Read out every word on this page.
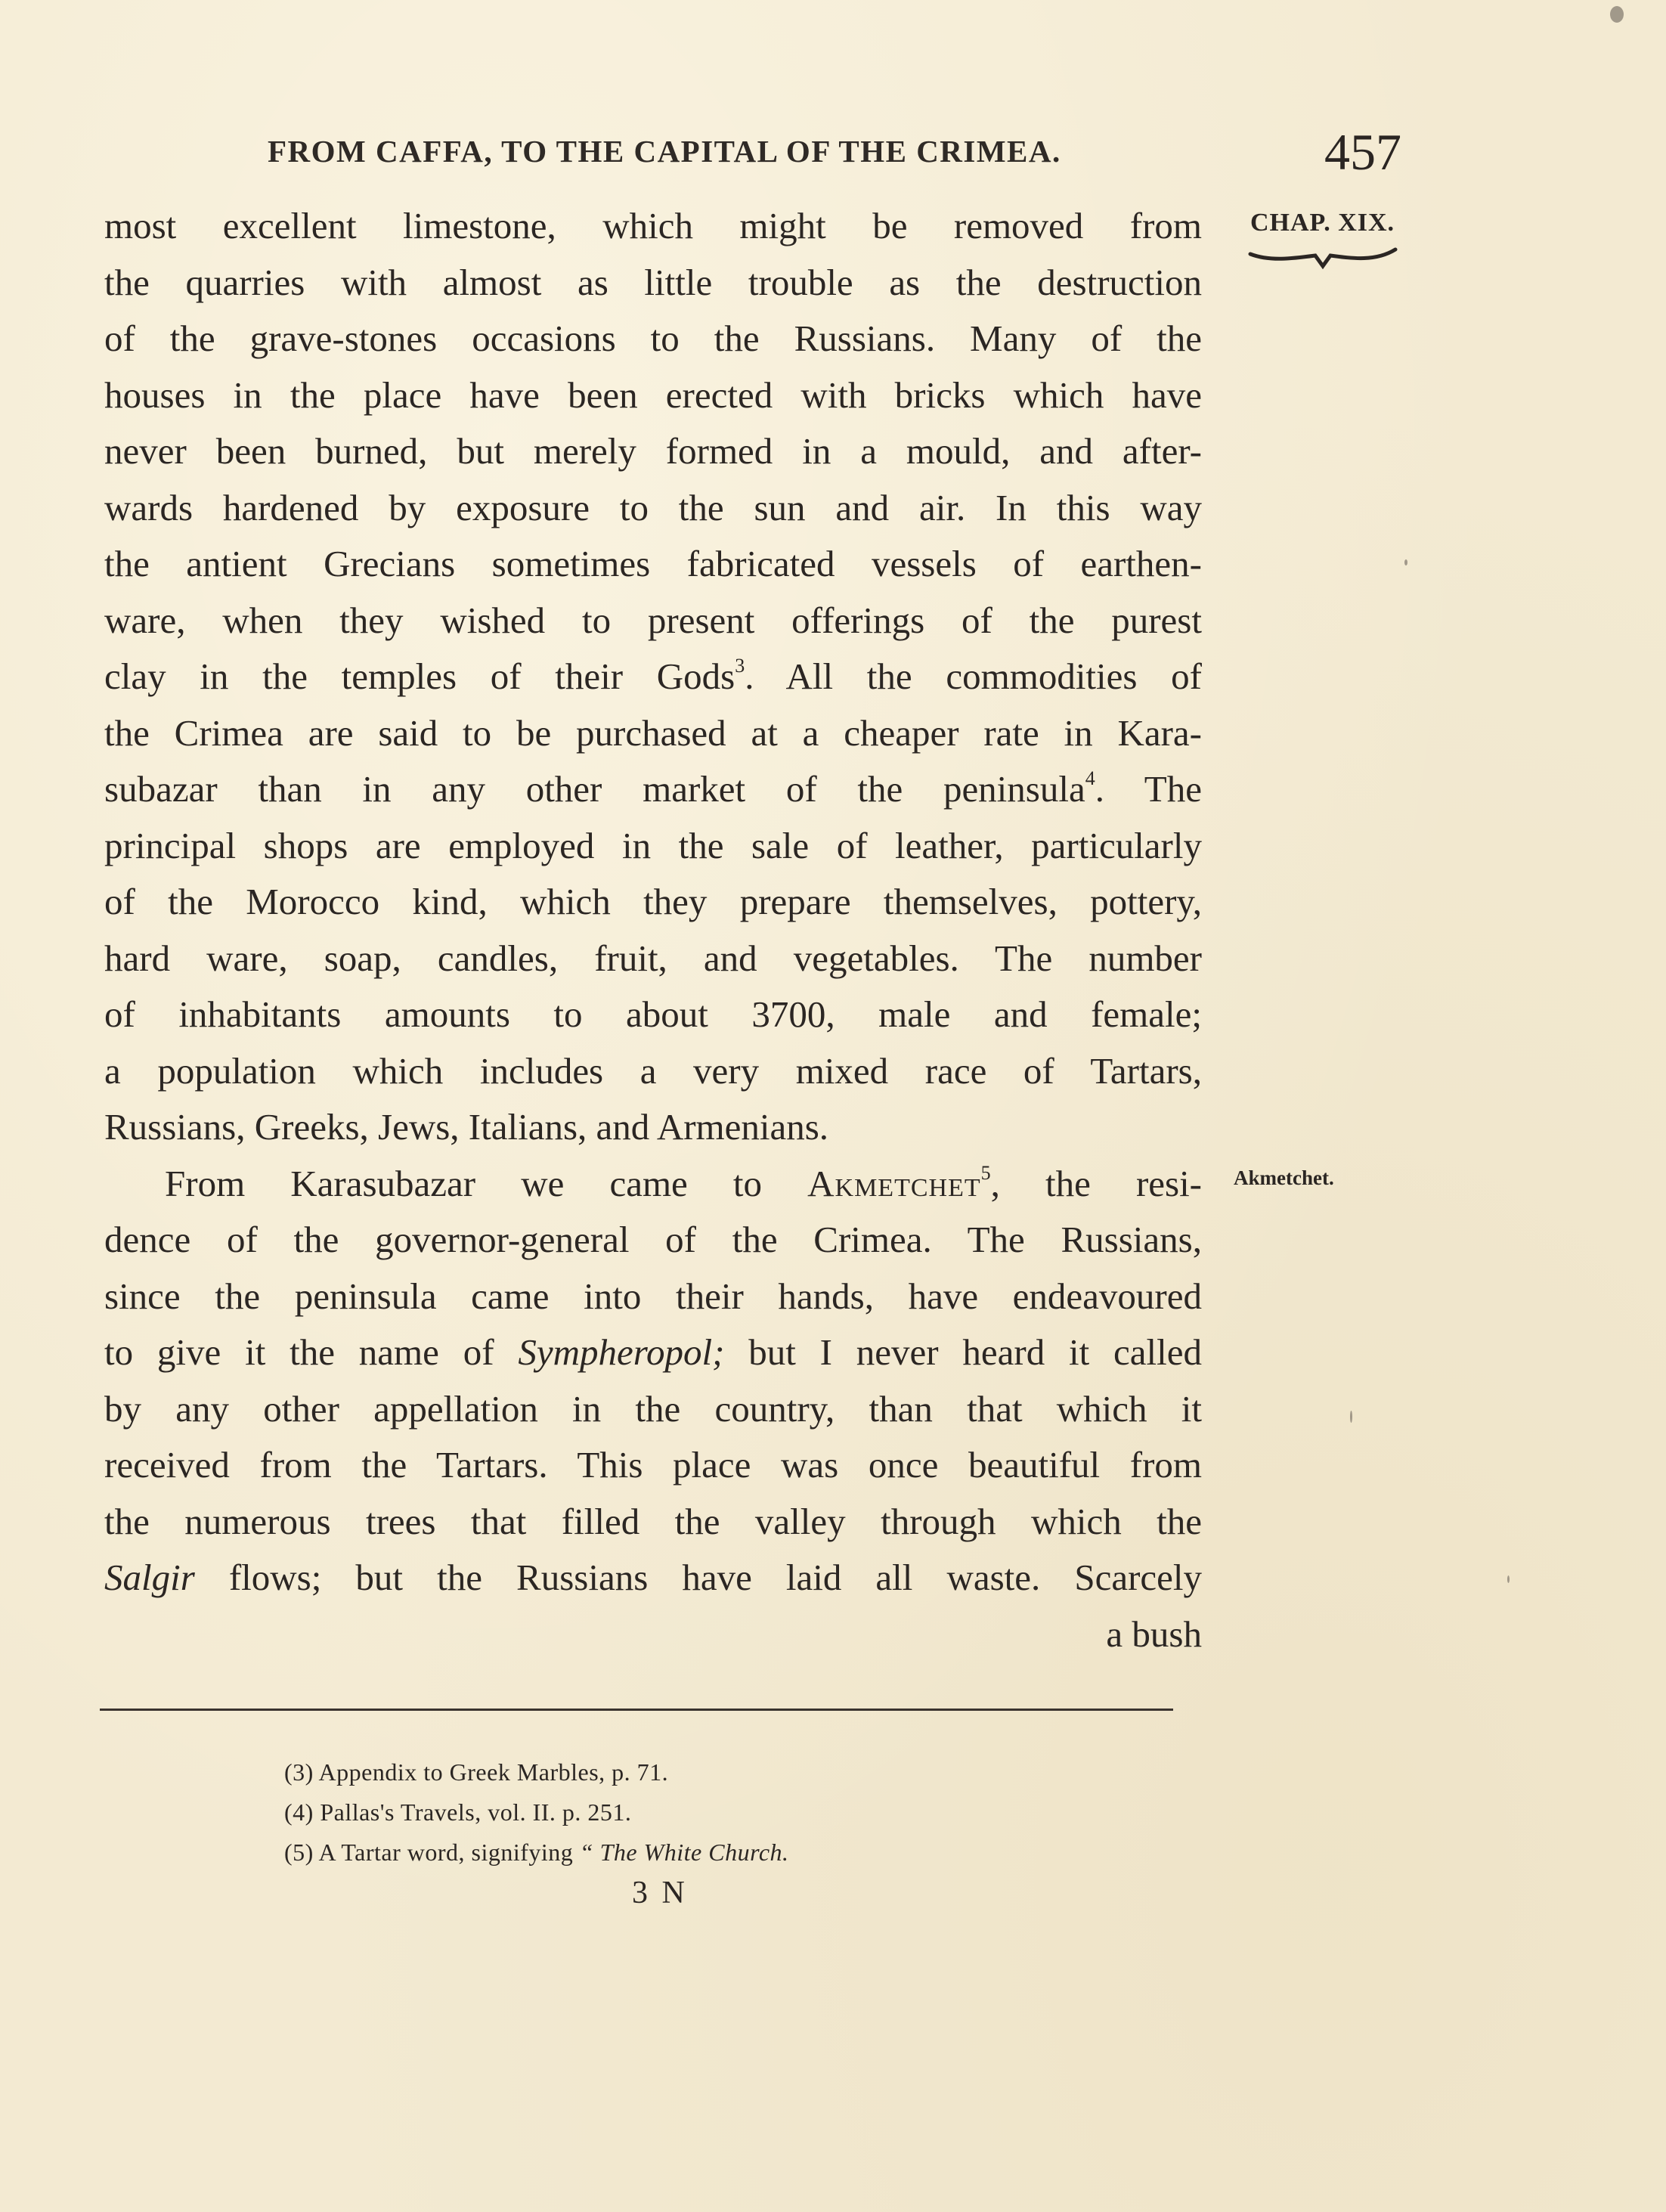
FROM CAFFA, TO THE CAPITAL OF THE CRIMEA.	457
CHAP. XIX.
Akmetchet.
most excellent limestone, which might be removed from
the quarries with almost as little trouble as the destruction
of the grave-stones occasions to the Russians. Many of the
houses in the place have been erected with bricks which have
never been burned, but merely formed in a mould, and after-
wards hardened by exposure to the sun and air. In this way
the antient Grecians sometimes fabricated vessels of earthen-
ware, when they wished to present offerings of the purest
clay in the temples of their Gods$^3$. All the commodities of
the Crimea are said to be purchased at a cheaper rate in Kara-
subazar than in any other market of the peninsula$^4$. The
principal shops are employed in the sale of leather, particularly
of the Morocco kind, which they prepare themselves, pottery,
hard ware, soap, candles, fruit, and vegetables. The number
of inhabitants amounts to about 3700, male and female;
a population which includes a very mixed race of Tartars,
Russians, Greeks, Jews, Italians, and Armenians.
From Karasubazar we came to Akmetchet$^5$, the resi-
dence of the governor-general of the Crimea. The Russians,
since the peninsula came into their hands, have endeavoured
to give it the name of Sympheropol; but I never heard it called
by any other appellation in the country, than that which it
received from the Tartars. This place was once beautiful from
the numerous trees that filled the valley through which the
Salgir flows; but the Russians have laid all waste. Scarcely
a bush
(3) Appendix to Greek Marbles, p. 71.
(4) Pallas's Travels, vol. II. p. 251.
(5) A Tartar word, signifying “ The White Church.
3 N
